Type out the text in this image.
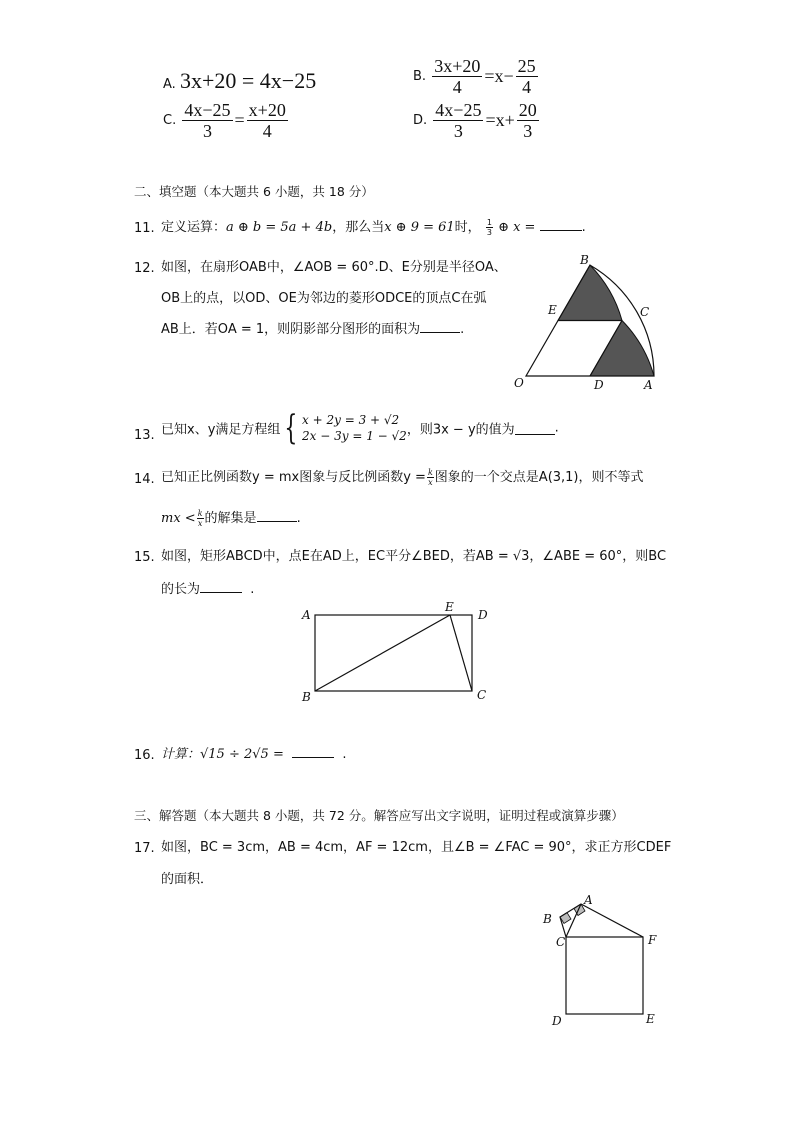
A. 3x+20 = 4x−25	B. $\frac{3x+20}{4} =x- \frac{25}{4}$
C. $\frac{4x-25}{3} = \frac{x+20}{4}$	D. $\frac{4x-25}{3} =x+ \frac{20}{3}$
二、填空题（本大题共 6 小题，共 18 分）
11. 定义运算：a ⊕ b = 5a + 4b，那么当x ⊕ 9 = 61时， $\frac{1}{3}$ ⊕ x =	.
12. 如图，在扇形OAB中，∠AOB = 60°.D、E分别是半径OA、
OB上的点，以OD、OE为邻边的菱形ODCE的顶点C在弧
AB上．若OA = 1，则阴影部分图形的面积为	.
B
E	C
O	D	A
13. 已知x、y满足方程组 { x + 2y = 3 + √2
2x − 3y = 1 − √2 ，则3x − y的值为	.
14. 已知正比例函数y = mx图象与反比例函数$y = \frac{k}{x}$ 图象的一个交点是A(3,1)，则不等式
mx < $\frac{k}{x}$ 的解集是	.
15. 如图，矩形ABCD中，点E在AD上，EC平分∠BED，若AB = √3，∠ABE = 60°，则BC
的长为	.
A
E
D
B	C
16. 计算：√15 ÷ 2√5 =	.
三、解答题（本大题共 8 小题，共 72 分。解答应写出文字说明，证明过程或演算步骤）
17. 如图，BC = 3cm，AB = 4cm，AF = 12cm，且∠B = ∠FAC = 90°，求正方形CDEF
的面积．
A
B
C	F
D	E
